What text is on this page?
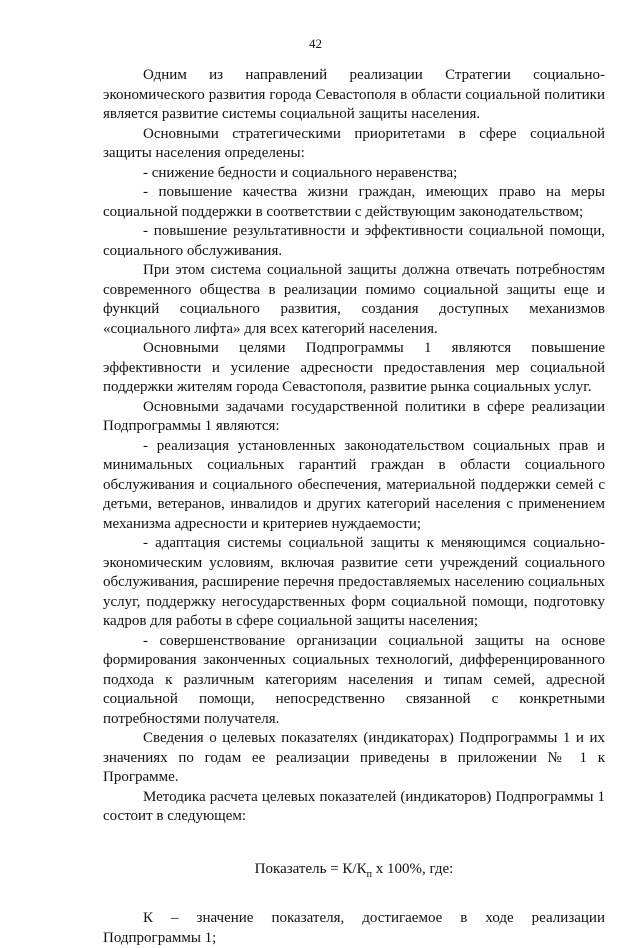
42

Одним из направлений реализации Стратегии социально-экономического развития города Севастополя в области социальной политики является развитие системы социальной защиты населения.

Основными стратегическими приоритетами в сфере социальной защиты населения определены:

- снижение бедности и социального неравенства;

- повышение качества жизни граждан, имеющих право на меры социальной поддержки в соответствии с действующим законодательством;

- повышение результативности и эффективности социальной помощи, социального обслуживания.

При этом система социальной защиты должна отвечать потребностям современного общества в реализации помимо социальной защиты еще и функций социального развития, создания доступных механизмов «социального лифта» для всех категорий населения.

Основными целями Подпрограммы 1 являются повышение эффективности и усиление адресности предоставления мер социальной поддержки жителям города Севастополя, развитие рынка социальных услуг.

Основными задачами государственной политики в сфере реализации Подпрограммы 1 являются:

- реализация установленных законодательством социальных прав и минимальных социальных гарантий граждан в области социального обслуживания и социального обеспечения, материальной поддержки семей с детьми, ветеранов, инвалидов и других категорий населения с применением механизма адресности и критериев нуждаемости;

- адаптация системы социальной защиты к меняющимся социально-экономическим условиям, включая развитие сети учреждений социального обслуживания, расширение перечня предоставляемых населению социальных услуг, поддержку негосударственных форм социальной помощи, подготовку кадров для работы в сфере социальной защиты населения;

- совершенствование организации социальной защиты на основе формирования законченных социальных технологий, дифференцированного подхода к различным категориям населения и типам семей, адресной социальной помощи, непосредственно связанной с конкретными потребностями получателя.

Сведения о целевых показателях (индикаторах) Подпрограммы 1 и их значениях по годам ее реализации приведены в приложении № 1 к Программе.

Методика расчета целевых показателей (индикаторов) Подпрограммы 1 состоит в следующем:

Показатель = $К/К_п$ х 100%, где:

К – значение показателя, достигаемое в ходе реализации Подпрограммы 1;
